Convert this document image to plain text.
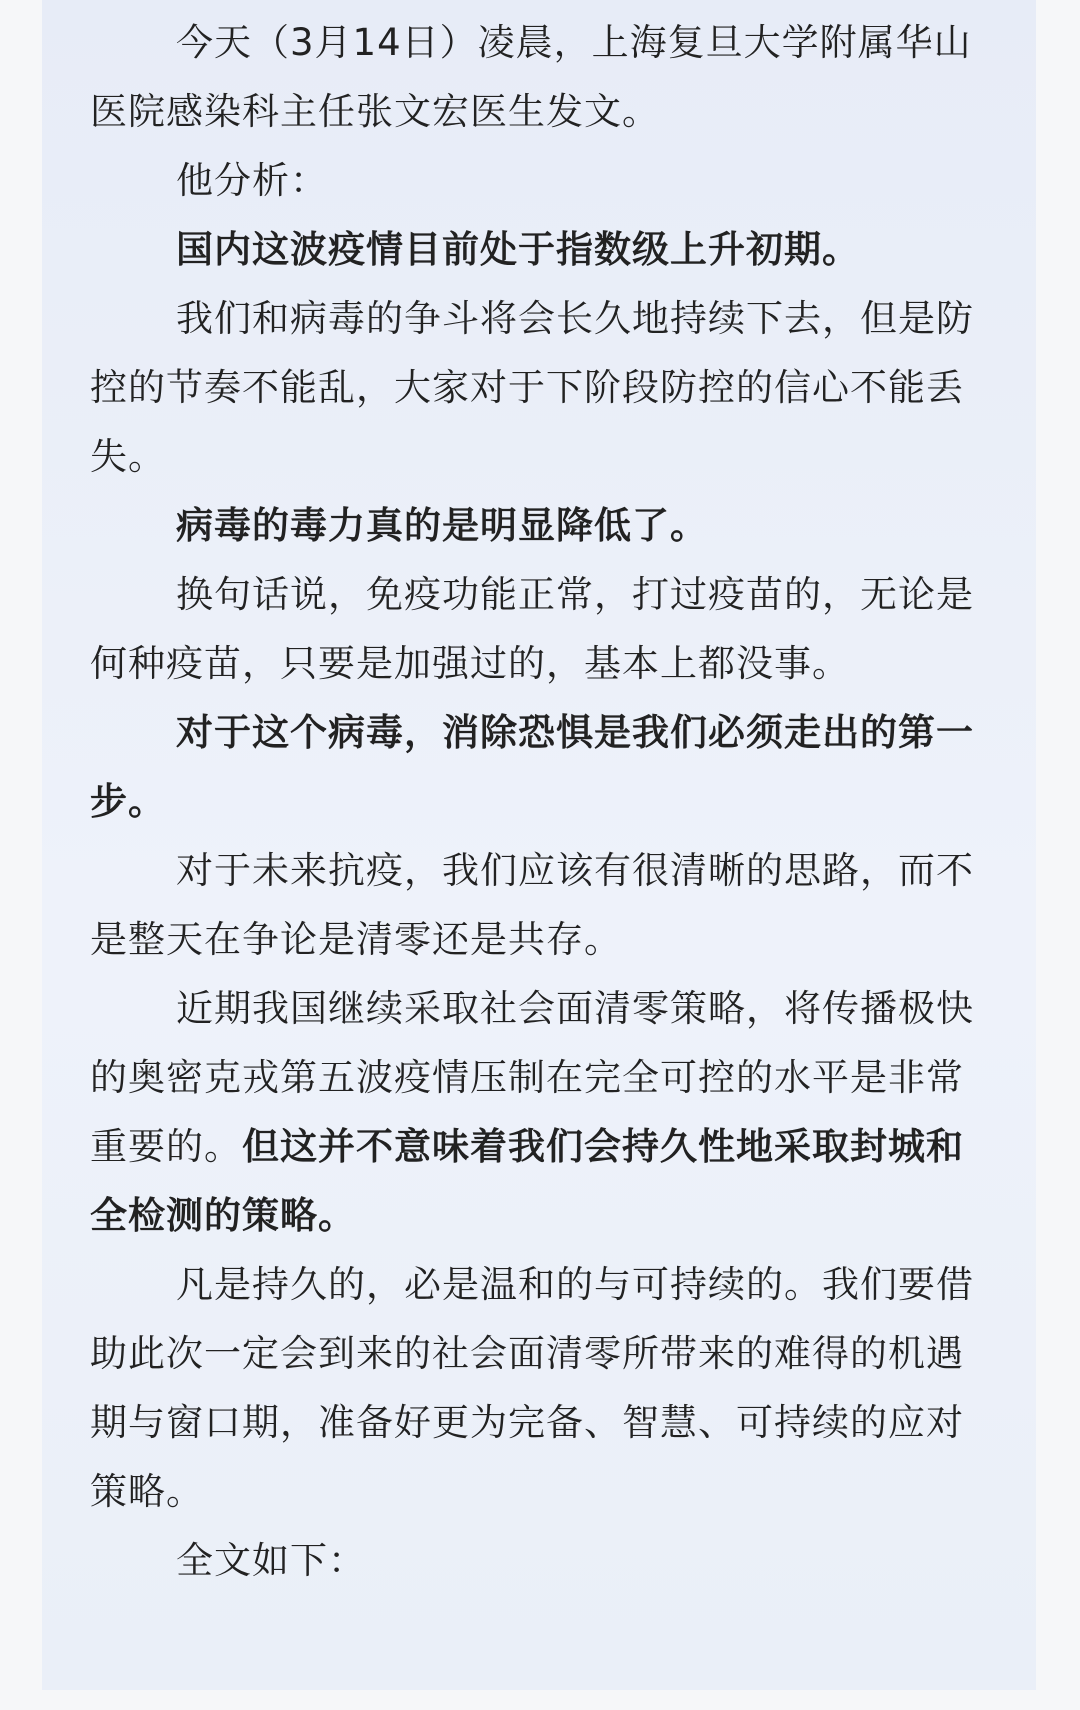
今天（3月14日）凌晨，上海复旦大学附属华山医院感染科主任张文宏医生发文。

他分析：

国内这波疫情目前处于指数级上升初期。

我们和病毒的争斗将会长久地持续下去，但是防控的节奏不能乱，大家对于下阶段防控的信心不能丢失。

病毒的毒力真的是明显降低了。

换句话说，免疫功能正常，打过疫苗的，无论是何种疫苗，只要是加强过的，基本上都没事。

对于这个病毒，消除恐惧是我们必须走出的第一步。

对于未来抗疫，我们应该有很清晰的思路，而不是整天在争论是清零还是共存。

近期我国继续采取社会面清零策略，将传播极快的奥密克戎第五波疫情压制在完全可控的水平是非常重要的。但这并不意味着我们会持久性地采取封城和全检测的策略。

凡是持久的，必是温和的与可持续的。我们要借助此次一定会到来的社会面清零所带来的难得的机遇期与窗口期，准备好更为完备、智慧、可持续的应对策略。

全文如下：
